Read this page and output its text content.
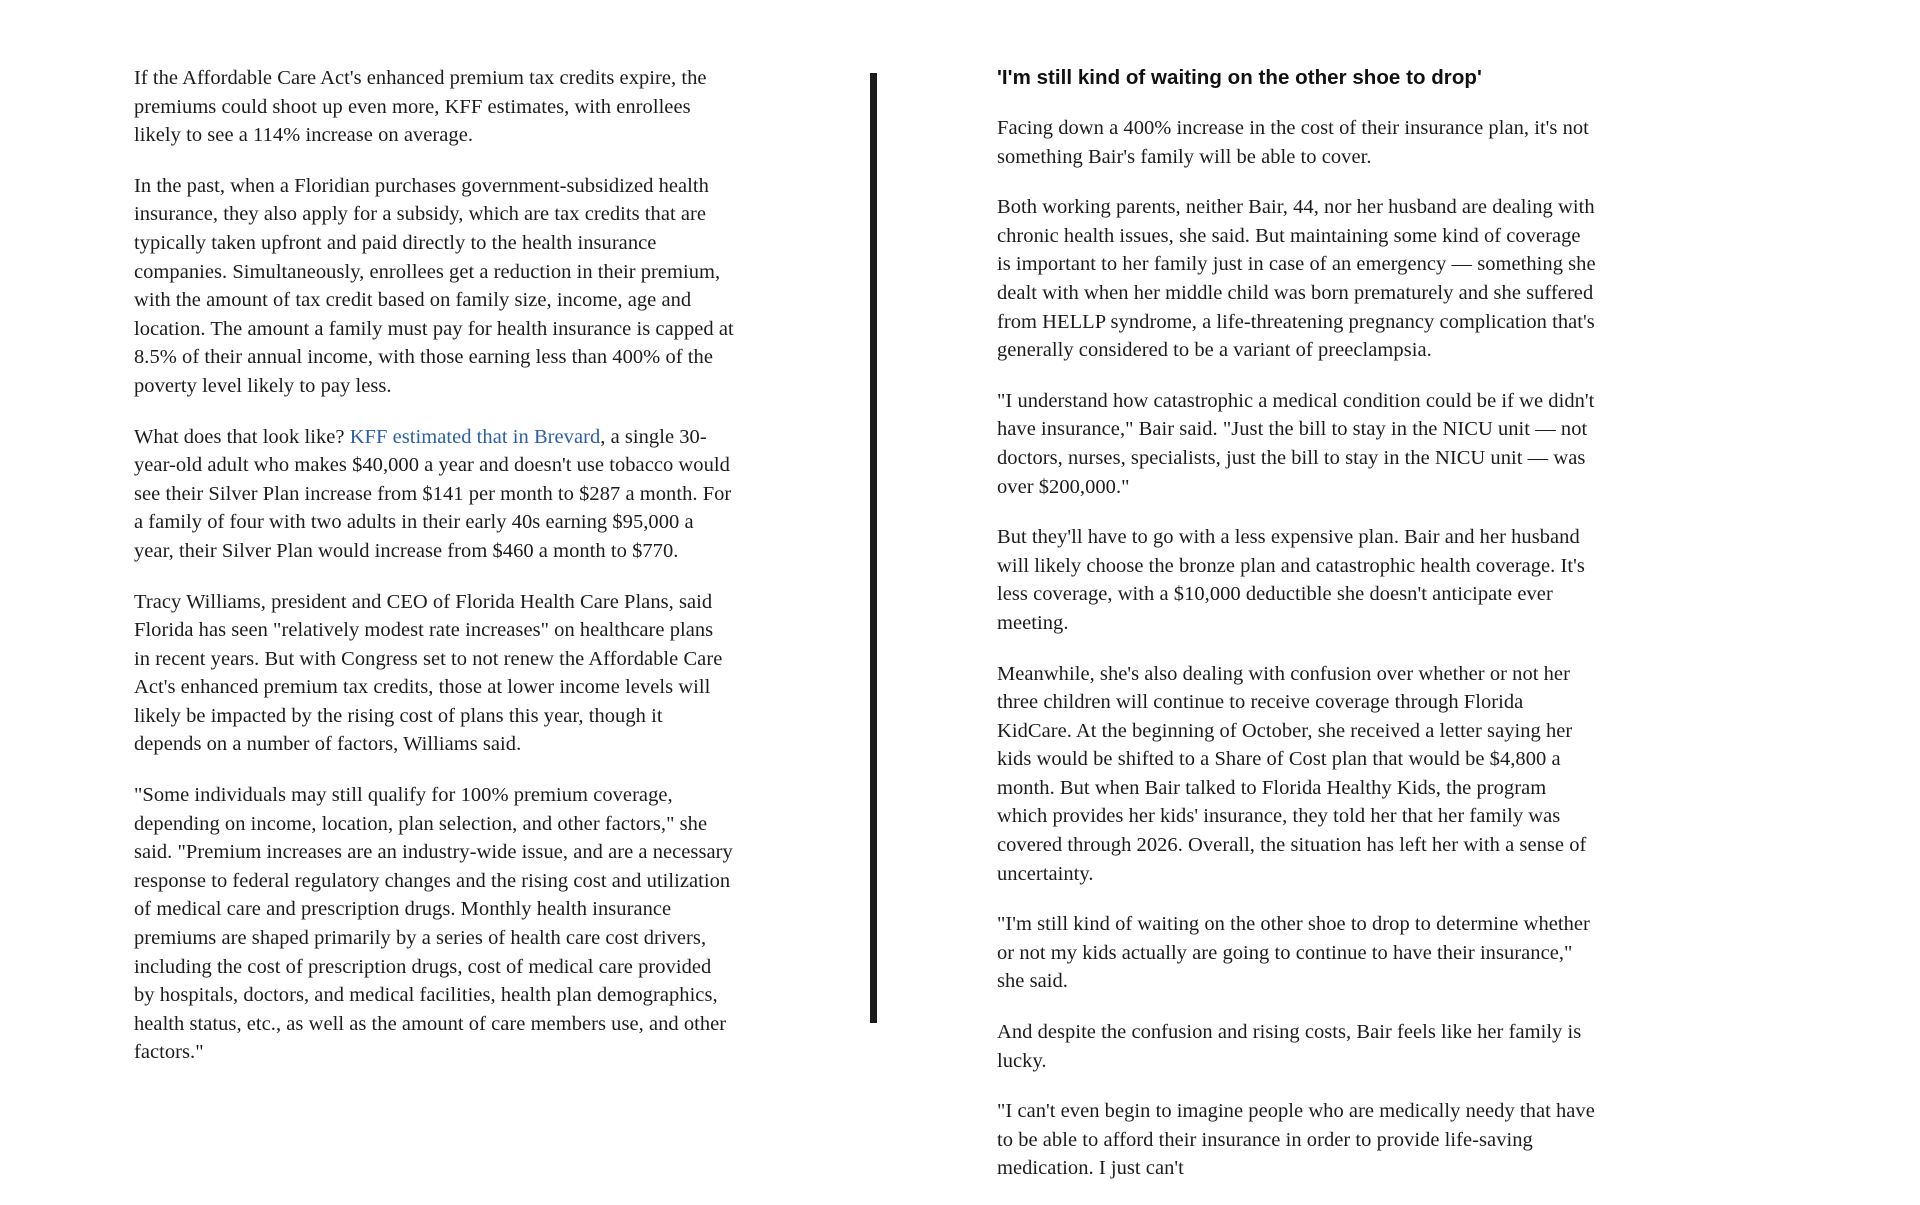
If the Affordable Care Act's enhanced premium tax credits expire, the premiums could shoot up even more, KFF estimates, with enrollees likely to see a 114% increase on average.

In the past, when a Floridian purchases government-subsidized health insurance, they also apply for a subsidy, which are tax credits that are typically taken upfront and paid directly to the health insurance companies. Simultaneously, enrollees get a reduction in their premium, with the amount of tax credit based on family size, income, age and location. The amount a family must pay for health insurance is capped at 8.5% of their annual income, with those earning less than 400% of the poverty level likely to pay less.

What does that look like? KFF estimated that in Brevard, a single 30-year-old adult who makes $40,000 a year and doesn't use tobacco would see their Silver Plan increase from $141 per month to $287 a month. For a family of four with two adults in their early 40s earning $95,000 a year, their Silver Plan would increase from $460 a month to $770.

Tracy Williams, president and CEO of Florida Health Care Plans, said Florida has seen "relatively modest rate increases" on healthcare plans in recent years. But with Congress set to not renew the Affordable Care Act's enhanced premium tax credits, those at lower income levels will likely be impacted by the rising cost of plans this year, though it depends on a number of factors, Williams said.

"Some individuals may still qualify for 100% premium coverage, depending on income, location, plan selection, and other factors," she said. "Premium increases are an industry-wide issue, and are a necessary response to federal regulatory changes and the rising cost and utilization of medical care and prescription drugs. Monthly health insurance premiums are shaped primarily by a series of health care cost drivers, including the cost of prescription drugs, cost of medical care provided by hospitals, doctors, and medical facilities, health plan demographics, health status, etc., as well as the amount of care members use, and other factors."

'I'm still kind of waiting on the other shoe to drop'

Facing down a 400% increase in the cost of their insurance plan, it's not something Bair's family will be able to cover.

Both working parents, neither Bair, 44, nor her husband are dealing with chronic health issues, she said. But maintaining some kind of coverage is important to her family just in case of an emergency — something she dealt with when her middle child was born prematurely and she suffered from HELLP syndrome, a life-threatening pregnancy complication that's generally considered to be a variant of preeclampsia.

"I understand how catastrophic a medical condition could be if we didn't have insurance," Bair said. "Just the bill to stay in the NICU unit — not doctors, nurses, specialists, just the bill to stay in the NICU unit — was over $200,000."

But they'll have to go with a less expensive plan. Bair and her husband will likely choose the bronze plan and catastrophic health coverage. It's less coverage, with a $10,000 deductible she doesn't anticipate ever meeting.

Meanwhile, she's also dealing with confusion over whether or not her three children will continue to receive coverage through Florida KidCare. At the beginning of October, she received a letter saying her kids would be shifted to a Share of Cost plan that would be $4,800 a month. But when Bair talked to Florida Healthy Kids, the program which provides her kids' insurance, they told her that her family was covered through 2026. Overall, the situation has left her with a sense of uncertainty.

"I'm still kind of waiting on the other shoe to drop to determine whether or not my kids actually are going to continue to have their insurance," she said.

And despite the confusion and rising costs, Bair feels like her family is lucky.

"I can't even begin to imagine people who are medically needy that have to be able to afford their insurance in order to provide life-saving medication. I just can't
